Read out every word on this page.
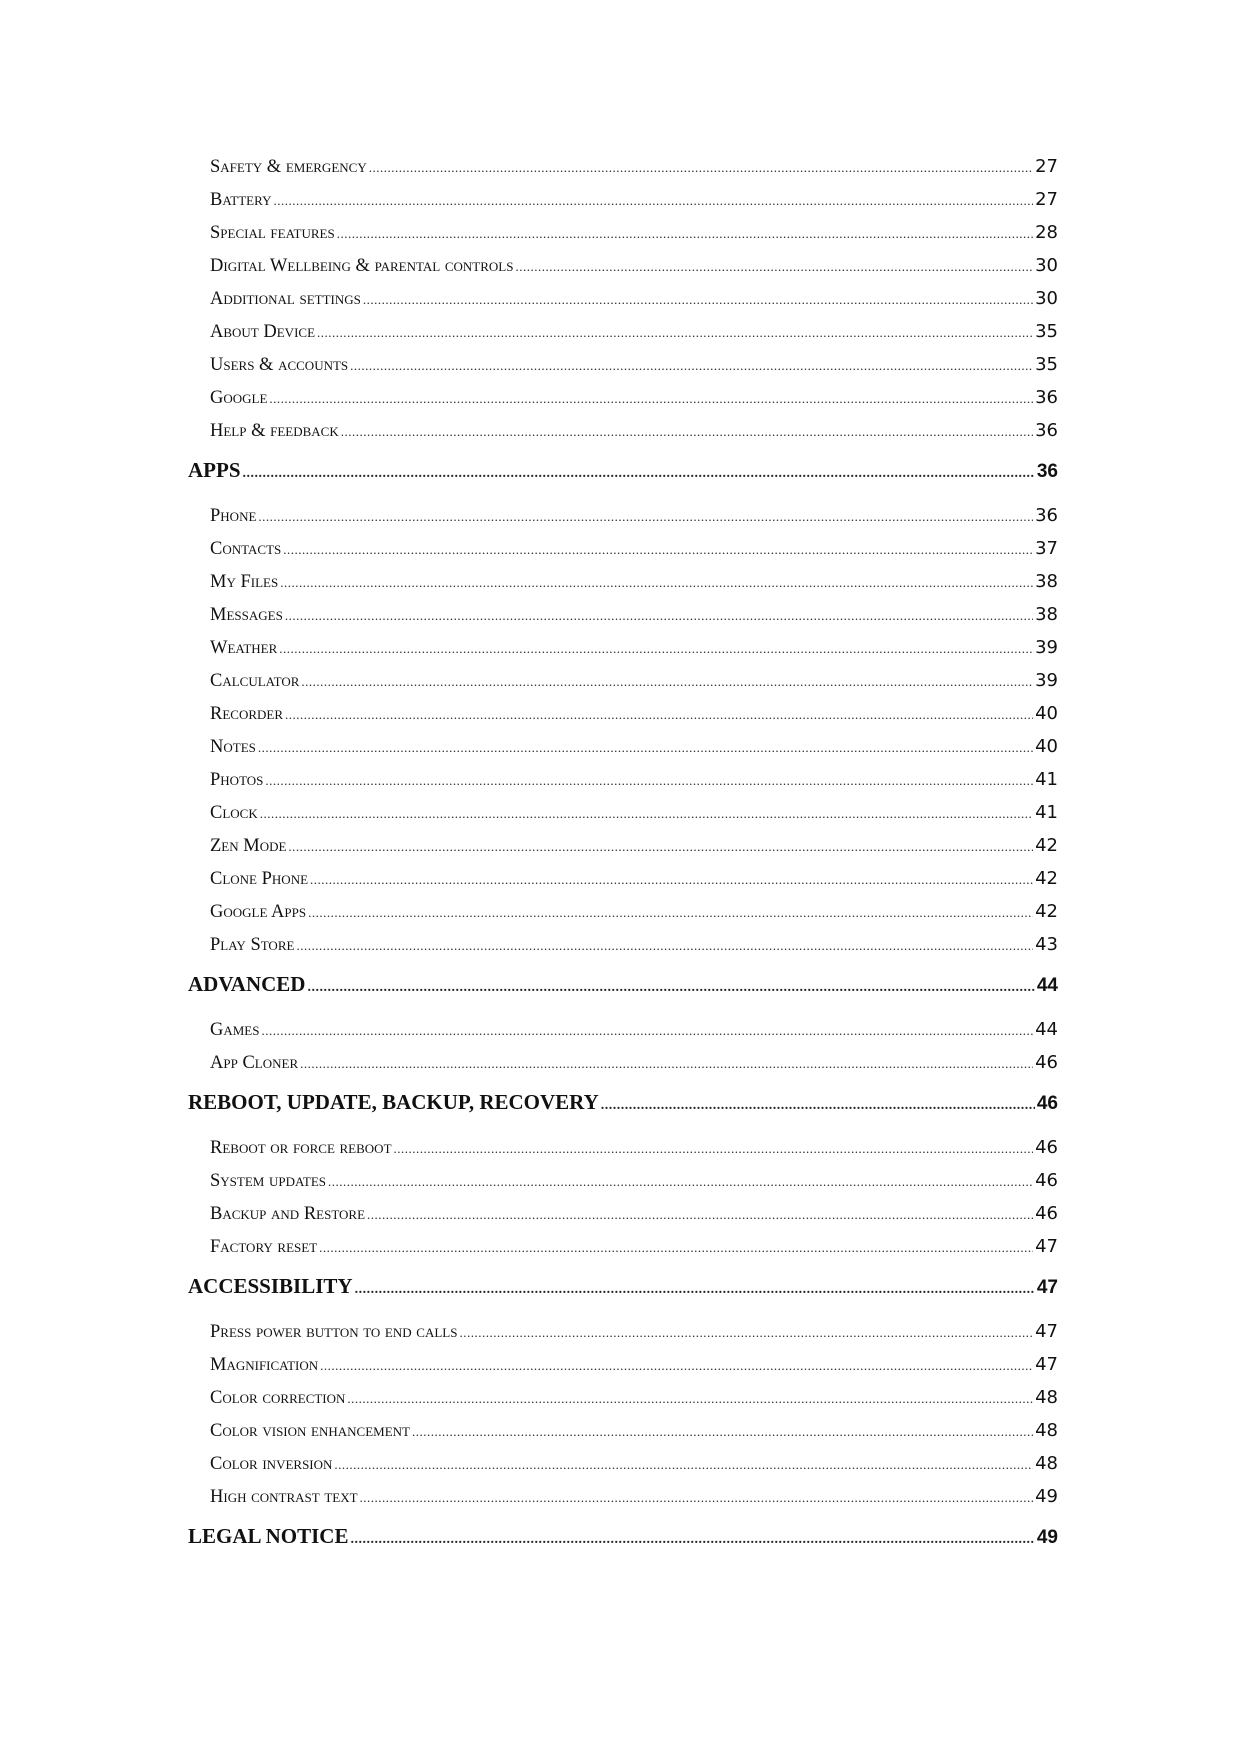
Safety & emergency .....	27
Battery .....	27
Special features .....	28
Digital Wellbeing & parental controls .....	30
Additional settings .....	30
About Device .....	35
Users & accounts .....	35
Google .....	36
Help & feedback .....	36
APPS .....	36
Phone .....	36
Contacts .....	37
My Files .....	38
Messages .....	38
Weather .....	39
Calculator .....	39
Recorder .....	40
Notes .....	40
Photos .....	41
Clock .....	41
Zen Mode .....	42
Clone Phone .....	42
Google Apps .....	42
Play Store .....	43
ADVANCED .....	44
Games .....	44
App Cloner .....	46
REBOOT, UPDATE, BACKUP, RECOVERY .....	46
Reboot or force reboot .....	46
System updates .....	46
Backup and Restore .....	46
Factory reset .....	47
ACCESSIBILITY .....	47
Press power button to end calls .....	47
Magnification .....	47
Color correction .....	48
Color vision enhancement .....	48
Color inversion .....	48
High contrast text .....	49
LEGAL NOTICE .....	49
